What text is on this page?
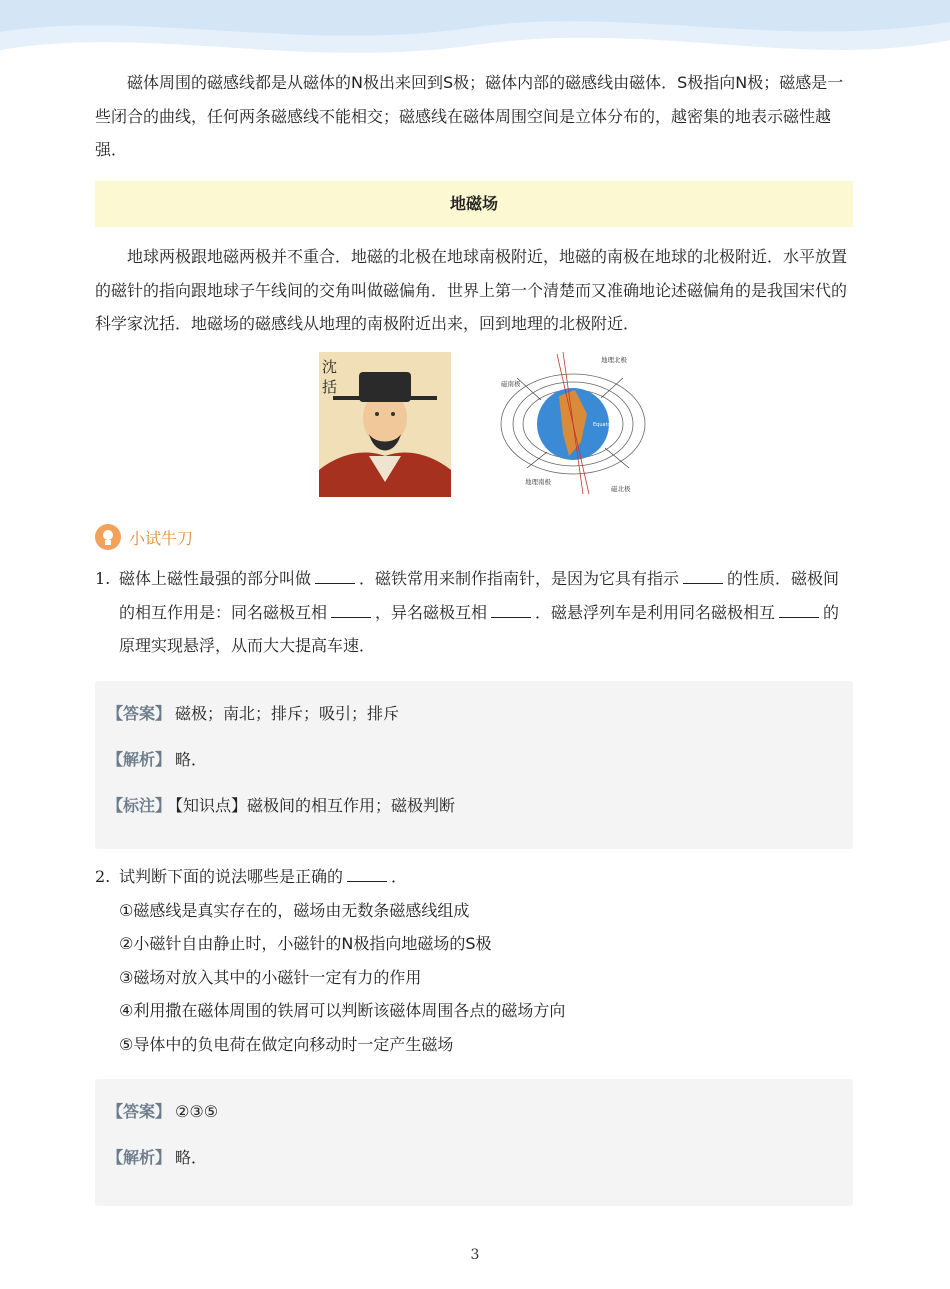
磁体周围的磁感线都是从磁体的N极出来回到S极；磁体内部的磁感线由磁体．S极指向N极；磁感是一些闭合的曲线，任何两条磁感线不能相交；磁感线在磁体周围空间是立体分布的，越密集的地表示磁性越强．

地磁场

地球两极跟地磁两极并不重合．地磁的北极在地球南极附近，地磁的南极在地球的北极附近．水平放置的磁针的指向跟地球子午线间的交角叫做磁偏角．世界上第一个清楚而又准确地论述磁偏角的是我国宋代的科学家沈括．地磁场的磁感线从地理的南极附近出来，回到地理的北极附近．

沈
括
地理北极
磁南极
Equator
地理南极
磁北极
小试牛刀
1. 磁体上磁性最强的部分叫做	．磁铁常用来制作指南针，是因为它具有指示	的性质．磁极间的相互作用是：同名磁极互相	，异名磁极互相	．磁悬浮列车是利用同名磁极相互	的原理实现悬浮，从而大大提高车速．
【答案】 磁极；南北；排斥；吸引；排斥
【解析】 略．
【标注】 【知识点】磁极间的相互作用；磁极判断
2. 试判断下面的说法哪些是正确的	．
①磁感线是真实存在的，磁场由无数条磁感线组成
②小磁针自由静止时，小磁针的N极指向地磁场的S极
③磁场对放入其中的小磁针一定有力的作用
④利用撒在磁体周围的铁屑可以判断该磁体周围各点的磁场方向
⑤导体中的负电荷在做定向移动时一定产生磁场
【答案】 ②③⑤
【解析】 略．
3
